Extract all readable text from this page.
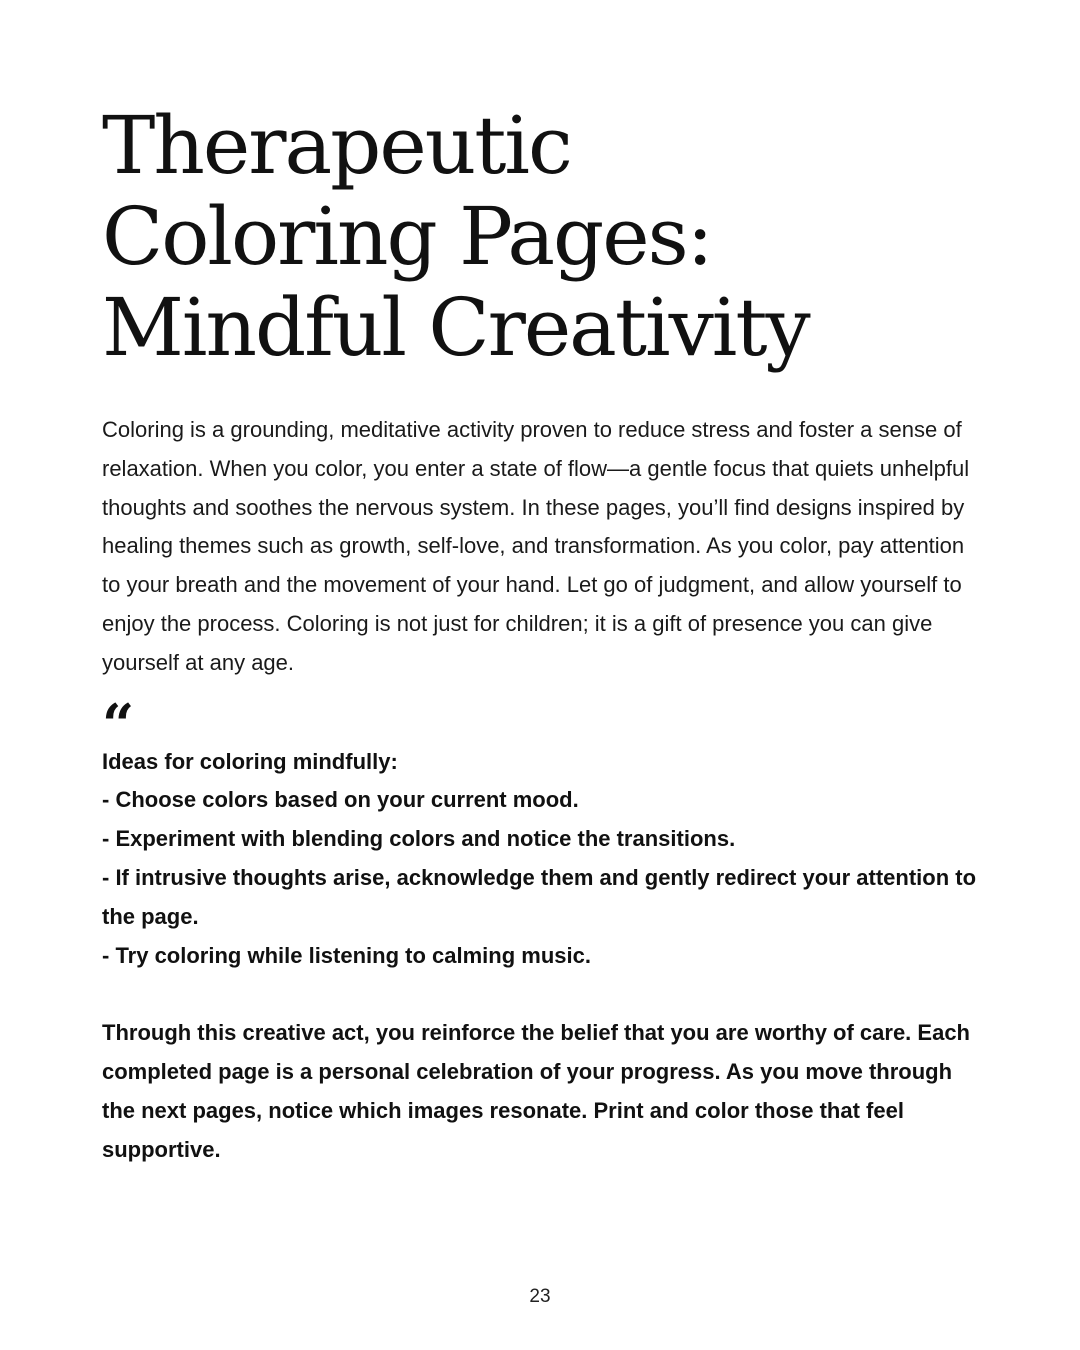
Therapeutic
Coloring Pages:
Mindful Creativity

Coloring is a grounding, meditative activity proven to reduce stress and foster a sense of relaxation. When you color, you enter a state of flow—a gentle focus that quiets unhelpful thoughts and soothes the nervous system. In these pages, you’ll find designs inspired by healing themes such as growth, self-love, and transformation. As you color, pay attention to your breath and the movement of your hand. Let go of judgment, and allow yourself to enjoy the process. Coloring is not just for children; it is a gift of presence you can give yourself at any age.

“

Ideas for coloring mindfully:

- Choose colors based on your current mood.

- Experiment with blending colors and notice the transitions.

- If intrusive thoughts arise, acknowledge them and gently redirect your attention to the page.

- Try coloring while listening to calming music.

Through this creative act, you reinforce the belief that you are worthy of care. Each completed page is a personal celebration of your progress. As you move through the next pages, notice which images resonate. Print and color those that feel supportive.

23
